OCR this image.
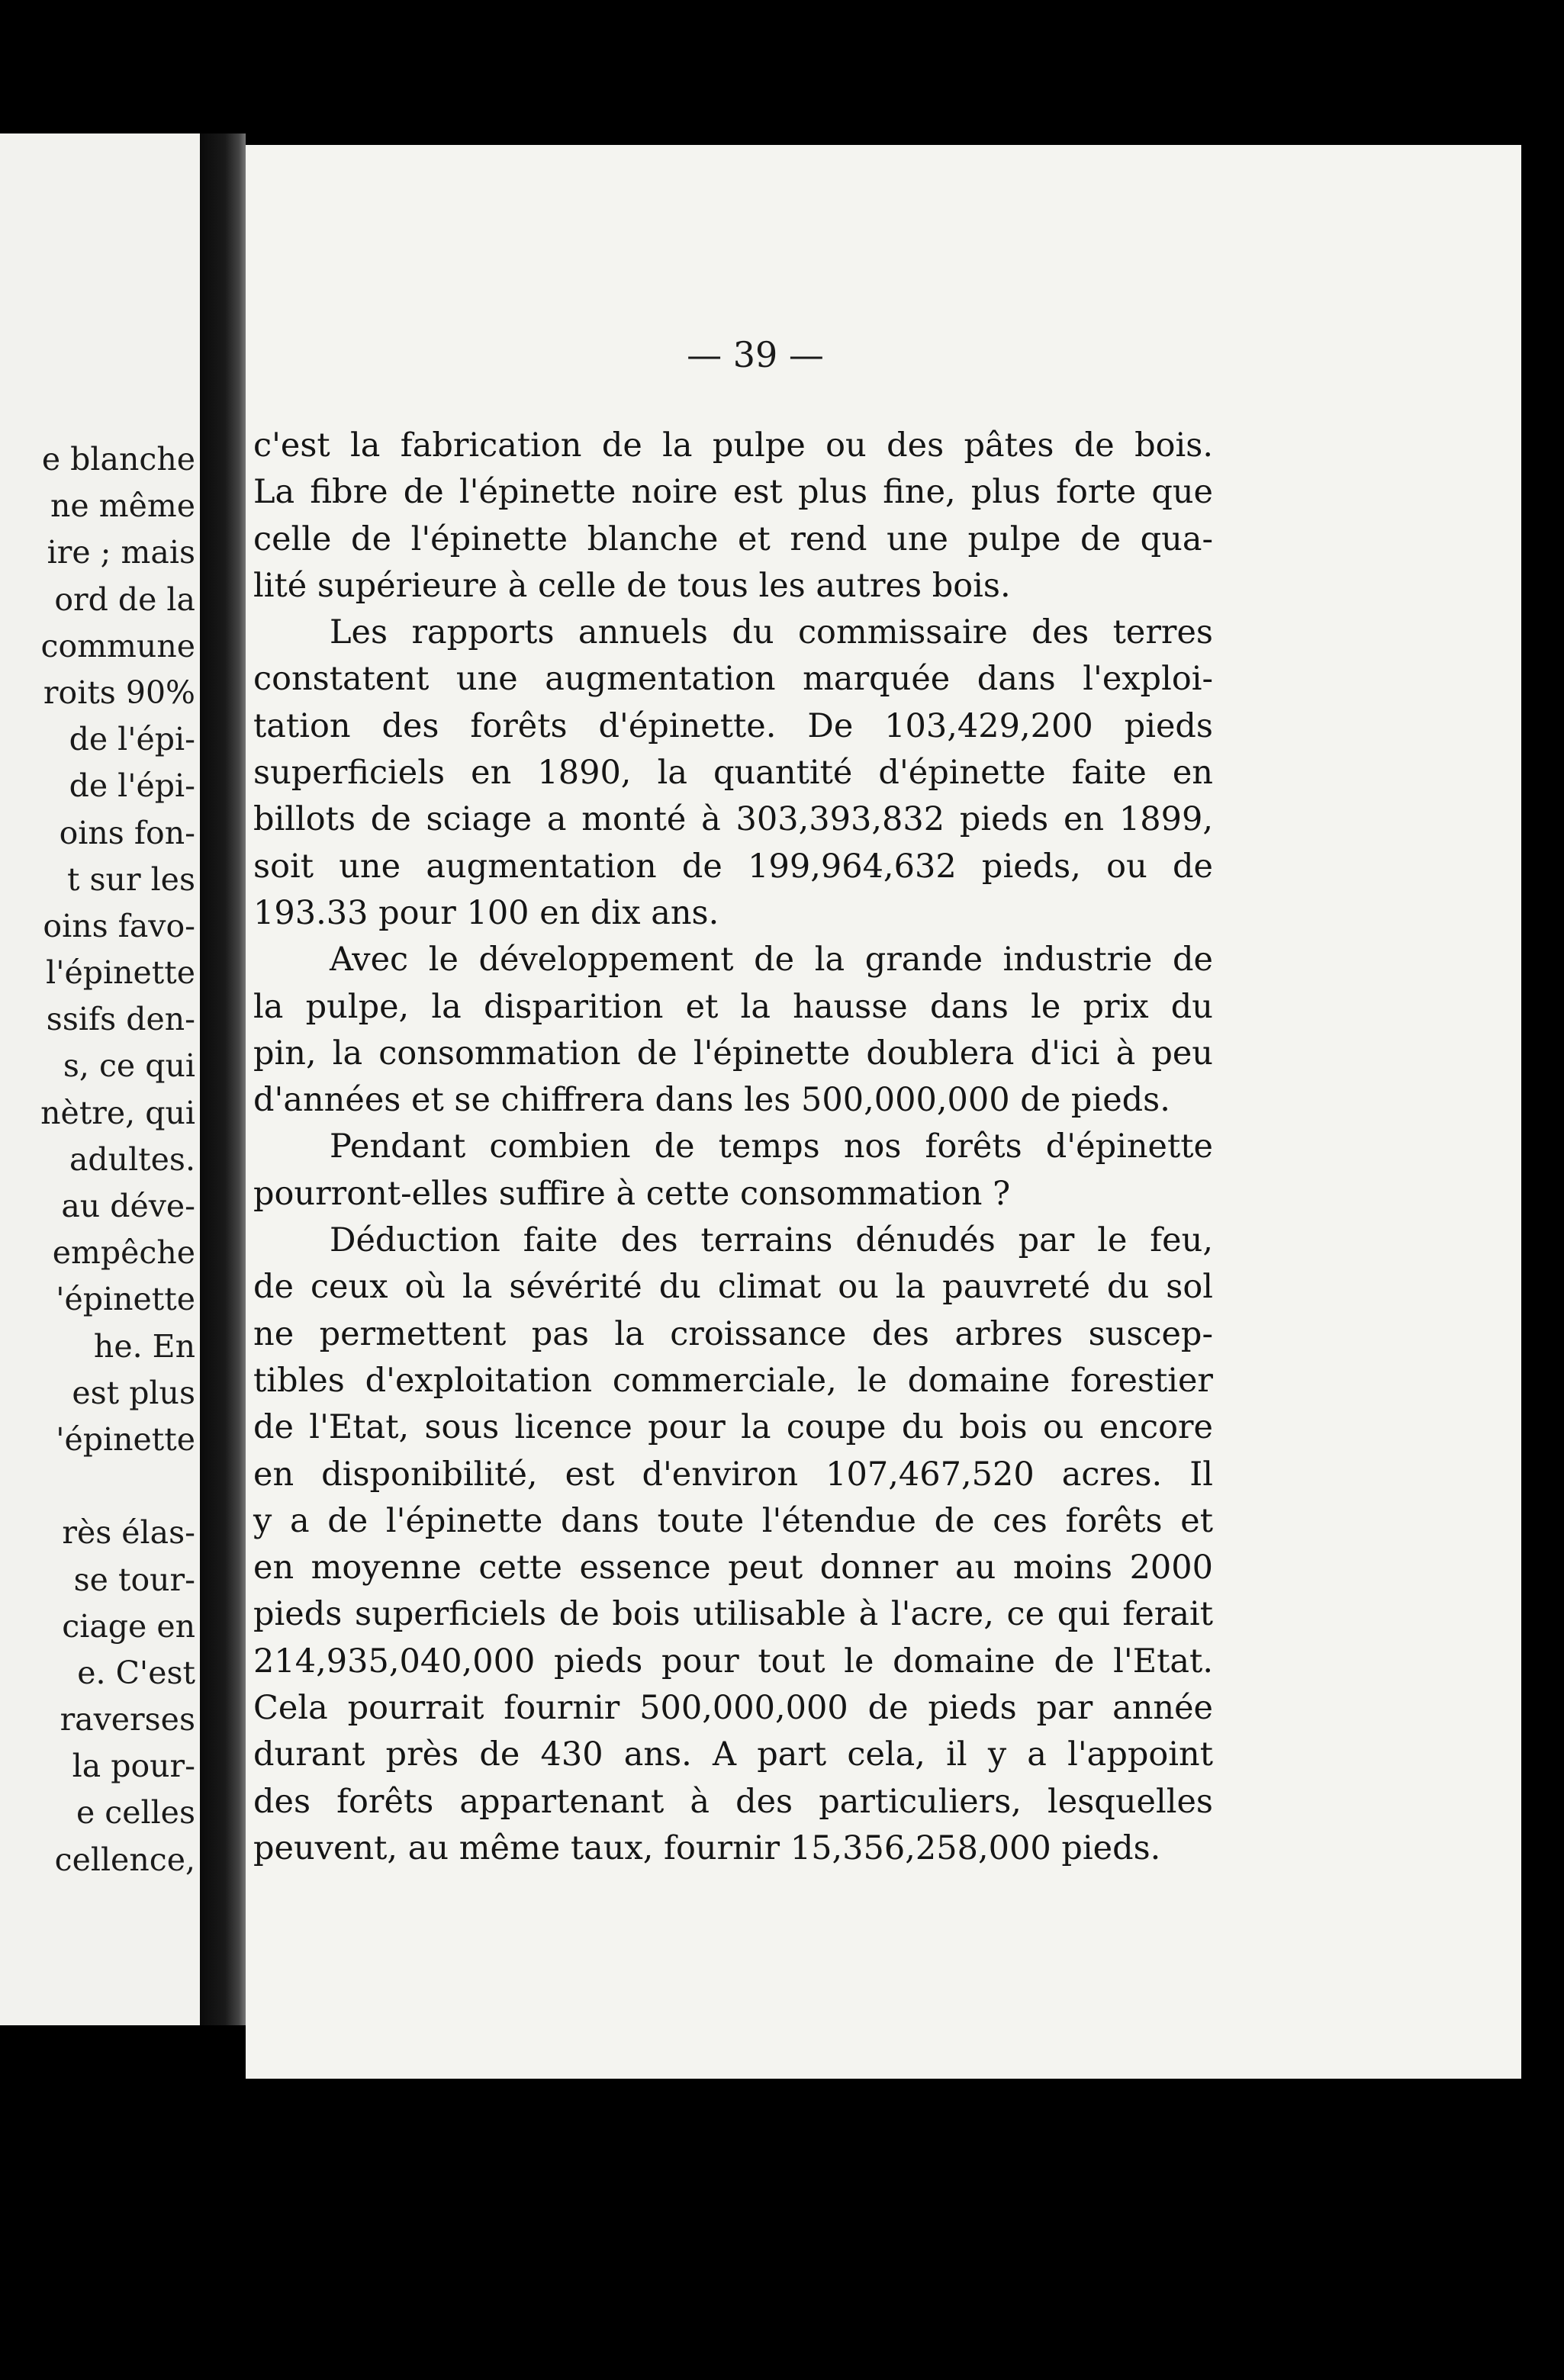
e blanche
ne même
ire ; mais
ord de la
commune
roits 90%
de l'épi-
de l'épi-
oins fon-
t sur les
oins favo-
l'épinette
ssifs den-
s, ce qui
nètre, qui
adultes.
au déve-
empêche
'épinette
he. En
est plus
'épinette
rès élas-
se tour-
ciage en
e. C'est
raverses
la pour-
e celles
cellence,
— 39 —

c'est la fabrication de la pulpe ou des pâtes de bois.
La fibre de l'épinette noire est plus fine, plus forte que
celle de l'épinette blanche et rend une pulpe de qua-
lité supérieure à celle de tous les autres bois.

Les rapports annuels du commissaire des terres
constatent une augmentation marquée dans l'exploi-
tation des forêts d'épinette. De 103,429,200 pieds
superficiels en 1890, la quantité d'épinette faite en
billots de sciage a monté à 303,393,832 pieds en 1899,
soit une augmentation de 199,964,632 pieds, ou de
193.33 pour 100 en dix ans.

Avec le développement de la grande industrie de
la pulpe, la disparition et la hausse dans le prix du
pin, la consommation de l'épinette doublera d'ici à peu
d'années et se chiffrera dans les 500,000,000 de pieds.

Pendant combien de temps nos forêts d'épinette
pourront-elles suffire à cette consommation ?

Déduction faite des terrains dénudés par le feu,
de ceux où la sévérité du climat ou la pauvreté du sol
ne permettent pas la croissance des arbres suscep-
tibles d'exploitation commerciale, le domaine forestier
de l'Etat, sous licence pour la coupe du bois ou encore
en disponibilité, est d'environ 107,467,520 acres. Il
y a de l'épinette dans toute l'étendue de ces forêts et
en moyenne cette essence peut donner au moins 2000
pieds superficiels de bois utilisable à l'acre, ce qui ferait
214,935,040,000 pieds pour tout le domaine de l'Etat.
Cela pourrait fournir 500,000,000 de pieds par année
durant près de 430 ans. A part cela, il y a l'appoint
des forêts appartenant à des particuliers, lesquelles
peuvent, au même taux, fournir 15,356,258,000 pieds.
